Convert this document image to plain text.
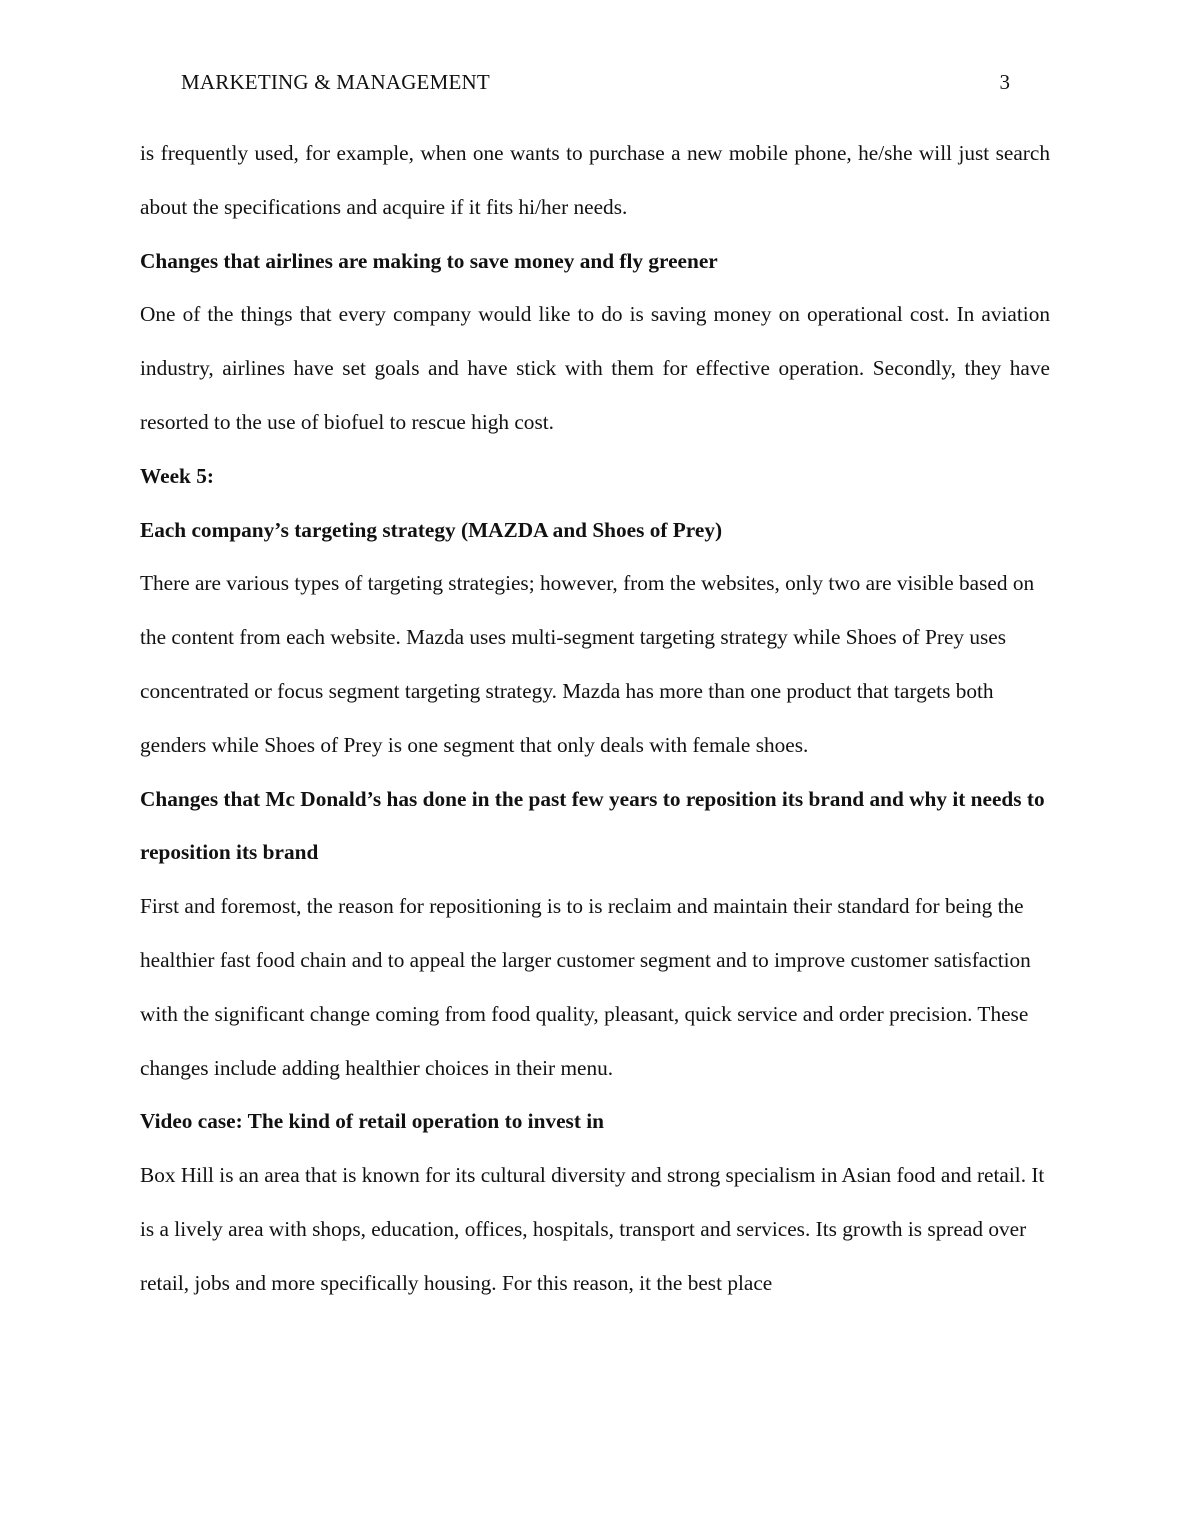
MARKETING & MANAGEMENT	3

is frequently used, for example, when one wants to purchase a new mobile phone, he/she will just search about the specifications and acquire if it fits hi/her needs.

Changes that airlines are making to save money and fly greener

One of the things that every company would like to do is saving money on operational cost. In aviation industry, airlines have set goals and have stick with them for effective operation. Secondly, they have resorted to the use of biofuel to rescue high cost.

Week 5:

Each company’s targeting strategy (MAZDA and Shoes of Prey)

There are various types of targeting strategies; however, from the websites, only two are visible based on the content from each website. Mazda uses multi-segment targeting strategy while Shoes of Prey uses concentrated or focus segment targeting strategy. Mazda has more than one product that targets both genders while Shoes of Prey is one segment that only deals with female shoes.

Changes that Mc Donald’s has done in the past few years to reposition its brand and why it needs to reposition its brand

First and foremost, the reason for repositioning is to is reclaim and maintain their standard for being the healthier fast food chain and to appeal the larger customer segment and to improve customer satisfaction with the significant change coming from food quality, pleasant, quick service and order precision. These changes include adding healthier choices in their menu.

Video case: The kind of retail operation to invest in

Box Hill is an area that is known for its cultural diversity and strong specialism in Asian food and retail. It is a lively area with shops, education, offices, hospitals, transport and services. Its growth is spread over retail, jobs and more specifically housing. For this reason, it the best place
